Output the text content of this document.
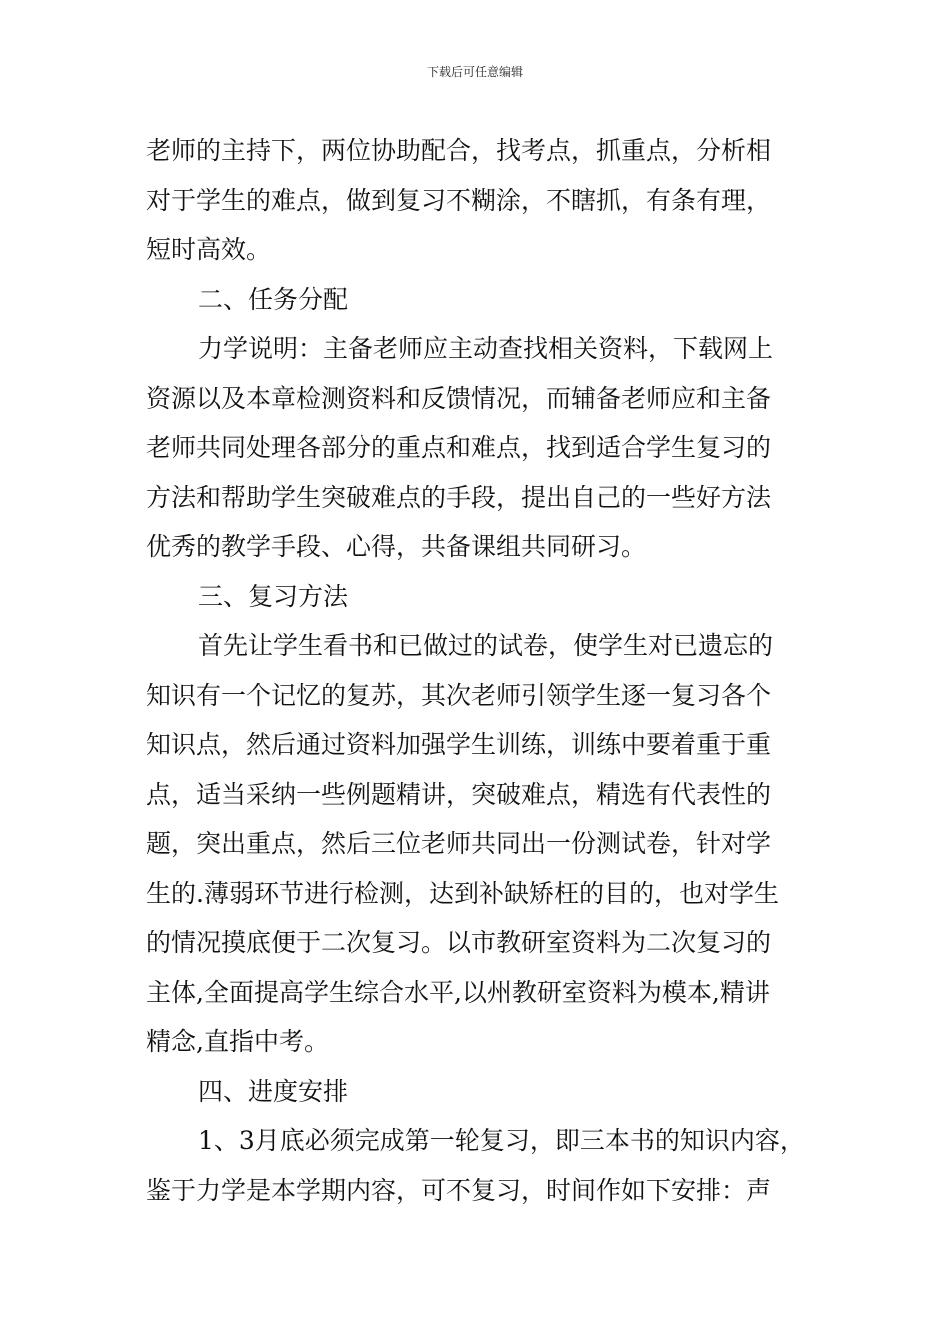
下载后可任意编辑
老师的主持下，两位协助配合，找考点，抓重点，分析相
对于学生的难点，做到复习不糊涂，不瞎抓，有条有理，
短时高效。
二、任务分配
力学说明：主备老师应主动查找相关资料，下载网上
资源以及本章检测资料和反馈情况，而辅备老师应和主备
老师共同处理各部分的重点和难点，找到适合学生复习的
方法和帮助学生突破难点的手段，提出自己的一些好方法
优秀的教学手段、心得，共备课组共同研习。
三、复习方法
首先让学生看书和已做过的试卷，使学生对已遗忘的
知识有一个记忆的复苏，其次老师引领学生逐一复习各个
知识点，然后通过资料加强学生训练，训练中要着重于重
点，适当采纳一些例题精讲，突破难点，精选有代表性的
题，突出重点，然后三位老师共同出一份测试卷，针对学
生的.薄弱环节进行检测，达到补缺矫枉的目的，也对学生
的情况摸底便于二次复习。以市教研室资料为二次复习的
主体,全面提高学生综合水平,以州教研室资料为模本,精讲
精念,直指中考。
四、进度安排
1、3月底必须完成第一轮复习，即三本书的知识内容，
鉴于力学是本学期内容，可不复习，时间作如下安排：声
